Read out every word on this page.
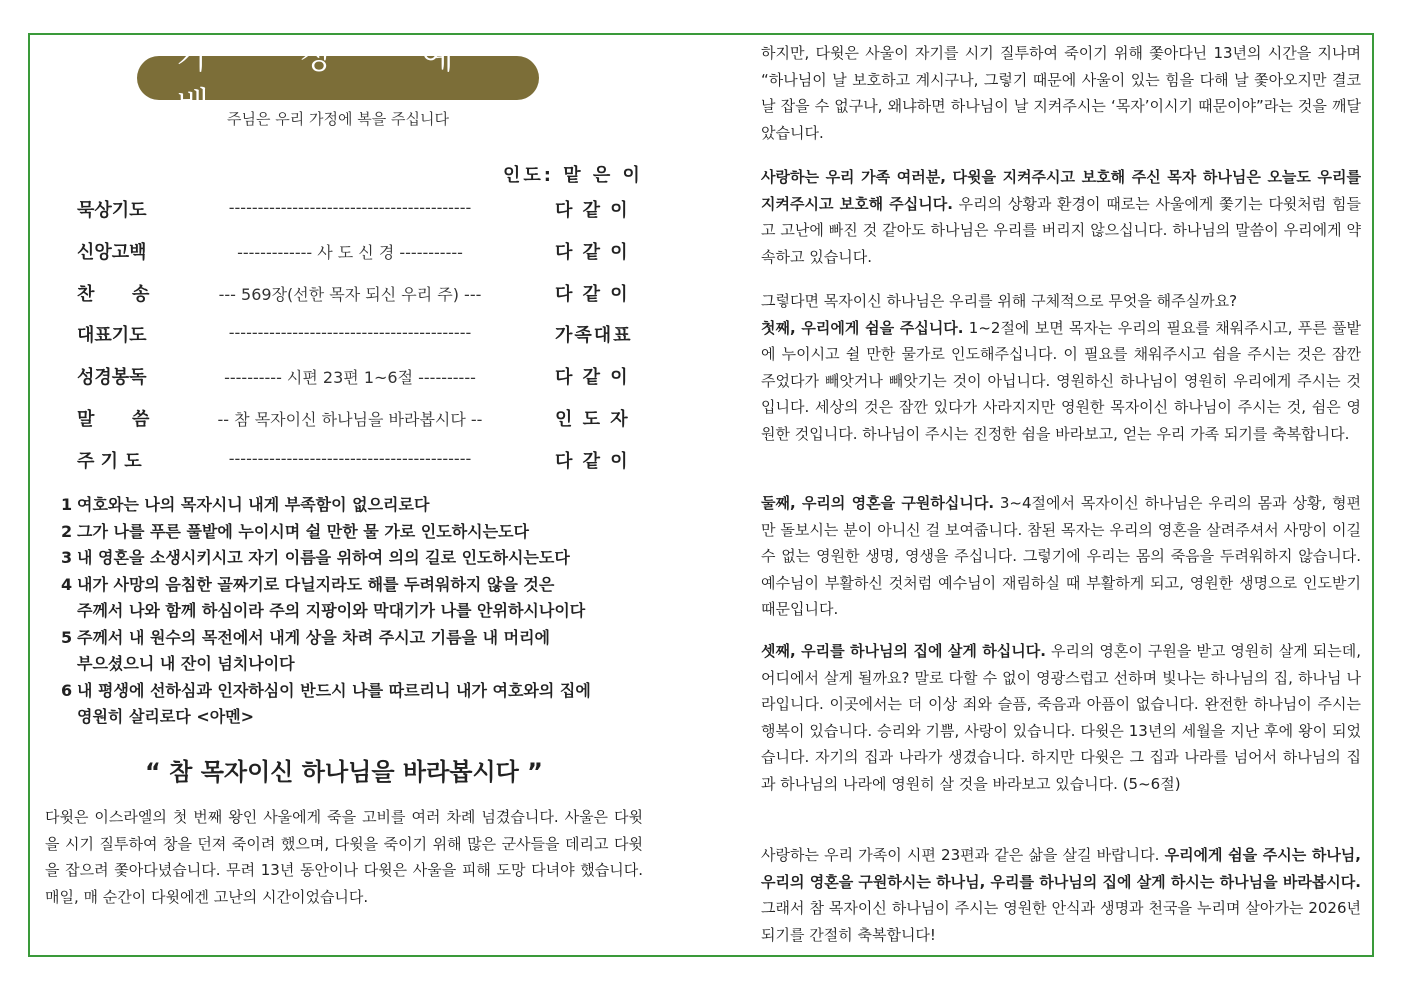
가 정 예 배
주님은 우리 가정에 복을 주십니다
인도: 맡 은 이
묵상기도	------------------------------------------	다 같 이
신앙고백	------------- 사 도 신 경 -----------	다 같 이
찬      송	--- 569장(선한 목자 되신 우리 주) ---	다 같 이
대표기도	------------------------------------------	가족대표
성경봉독	---------- 시편 23편 1~6절 ----------	다 같 이
말      씀	-- 참 목자이신 하나님을 바라봅시다 --	인 도 자
주 기 도	------------------------------------------	다 같 이
1 여호와는 나의 목자시니 내게 부족함이 없으리로다
2 그가 나를 푸른 풀밭에 누이시며 쉴 만한 물 가로 인도하시는도다
3 내 영혼을 소생시키시고 자기 이름을 위하여 의의 길로 인도하시는도다
4 내가 사망의 음침한 골짜기로 다닐지라도 해를 두려워하지 않을 것은
주께서 나와 함께 하심이라 주의 지팡이와 막대기가 나를 안위하시나이다
5 주께서 내 원수의 목전에서 내게 상을 차려 주시고 기름을 내 머리에
부으셨으니 내 잔이 넘치나이다
6 내 평생에 선하심과 인자하심이 반드시 나를 따르리니 내가 여호와의 집에
영원히 살리로다 <아멘>
“ 참 목자이신 하나님을 바라봅시다 ”

다윗은 이스라엘의 첫 번째 왕인 사울에게 죽을 고비를 여러 차례 넘겼습니다. 사울은 다윗을 시기 질투하여 창을 던져 죽이려 했으며, 다윗을 죽이기 위해 많은 군사들을 데리고 다윗을 잡으려 쫓아다녔습니다. 무려 13년 동안이나 다윗은 사울을 피해 도망 다녀야 했습니다. 매일, 매 순간이 다윗에겐 고난의 시간이었습니다.

하지만, 다윗은 사울이 자기를 시기 질투하여 죽이기 위해 쫓아다닌 13년의 시간을 지나며 “하나님이 날 보호하고 계시구나, 그렇기 때문에 사울이 있는 힘을 다해 날 쫓아오지만 결코 날 잡을 수 없구나, 왜냐하면 하나님이 날 지켜주시는 ‘목자’이시기 때문이야”라는 것을 깨달았습니다.

사랑하는 우리 가족 여러분, 다윗을 지켜주시고 보호해 주신 목자 하나님은 오늘도 우리를 지켜주시고 보호해 주십니다. 우리의 상황과 환경이 때로는 사울에게 쫓기는 다윗처럼 힘들고 고난에 빠진 것 같아도 하나님은 우리를 버리지 않으십니다. 하나님의 말씀이 우리에게 약속하고 있습니다.

그렇다면 목자이신 하나님은 우리를 위해 구체적으로 무엇을 해주실까요?
첫째, 우리에게 쉼을 주십니다. 1~2절에 보면 목자는 우리의 필요를 채워주시고, 푸른 풀밭에 누이시고 쉴 만한 물가로 인도해주십니다. 이 필요를 채워주시고 쉼을 주시는 것은 잠깐 주었다가 빼앗거나 빼앗기는 것이 아닙니다. 영원하신 하나님이 영원히 우리에게 주시는 것입니다. 세상의 것은 잠깐 있다가 사라지지만 영원한 목자이신 하나님이 주시는 것, 쉼은 영원한 것입니다. 하나님이 주시는 진정한 쉼을 바라보고, 얻는 우리 가족 되기를 축복합니다.

둘째, 우리의 영혼을 구원하십니다. 3~4절에서 목자이신 하나님은 우리의 몸과 상황, 형편만 돌보시는 분이 아니신 걸 보여줍니다. 참된 목자는 우리의 영혼을 살려주셔서 사망이 이길 수 없는 영원한 생명, 영생을 주십니다. 그렇기에 우리는 몸의 죽음을 두려워하지 않습니다. 예수님이 부활하신 것처럼 예수님이 재림하실 때 부활하게 되고, 영원한 생명으로 인도받기 때문입니다.

셋째, 우리를 하나님의 집에 살게 하십니다. 우리의 영혼이 구원을 받고 영원히 살게 되는데, 어디에서 살게 될까요? 말로 다할 수 없이 영광스럽고 선하며 빛나는 하나님의 집, 하나님 나라입니다. 이곳에서는 더 이상 죄와 슬픔, 죽음과 아픔이 없습니다. 완전한 하나님이 주시는 행복이 있습니다. 승리와 기쁨, 사랑이 있습니다. 다윗은 13년의 세월을 지난 후에 왕이 되었습니다. 자기의 집과 나라가 생겼습니다. 하지만 다윗은 그 집과 나라를 넘어서 하나님의 집과 하나님의 나라에 영원히 살 것을 바라보고 있습니다. (5~6절)

사랑하는 우리 가족이 시편 23편과 같은 삶을 살길 바랍니다. 우리에게 쉼을 주시는 하나님, 우리의 영혼을 구원하시는 하나님, 우리를 하나님의 집에 살게 하시는 하나님을 바라봅시다. 그래서 참 목자이신 하나님이 주시는 영원한 안식과 생명과 천국을 누리며 살아가는 2026년 되기를 간절히 축복합니다!
